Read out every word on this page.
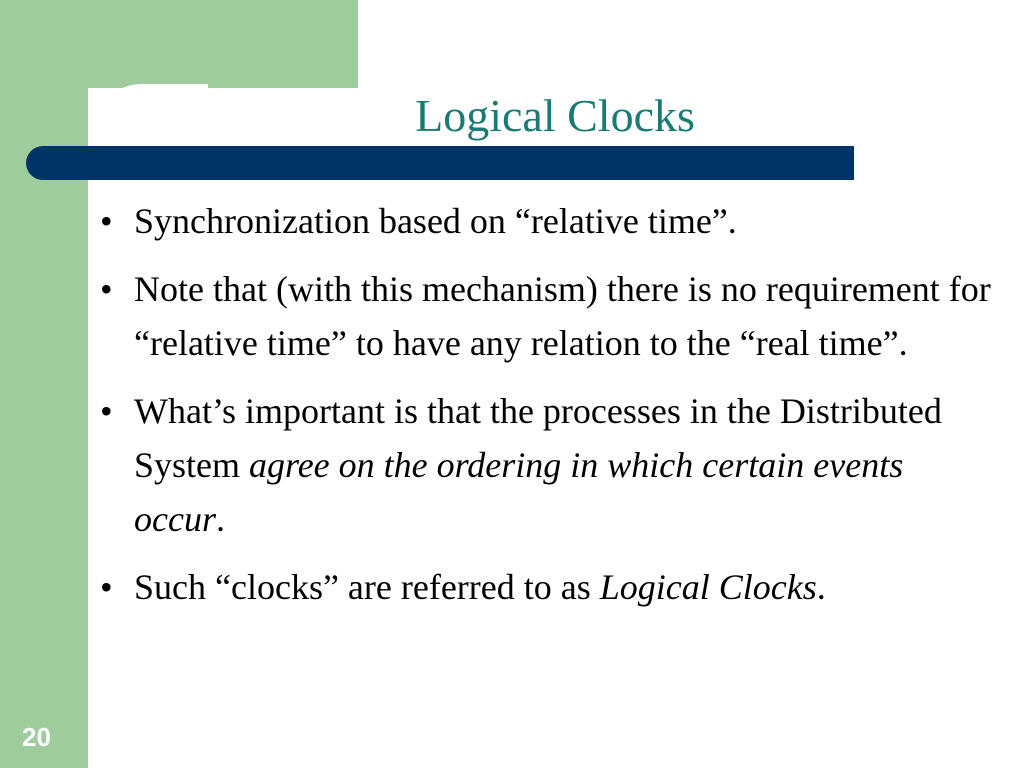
Logical Clocks
• Synchronization based on “relative time”.
• Note that (with this mechanism) there is no requirement for “relative time” to have any relation to the “real time”.
• What’s important is that the processes in the Distributed System agree on the ordering in which certain events occur.
• Such “clocks” are referred to as Logical Clocks.
20
